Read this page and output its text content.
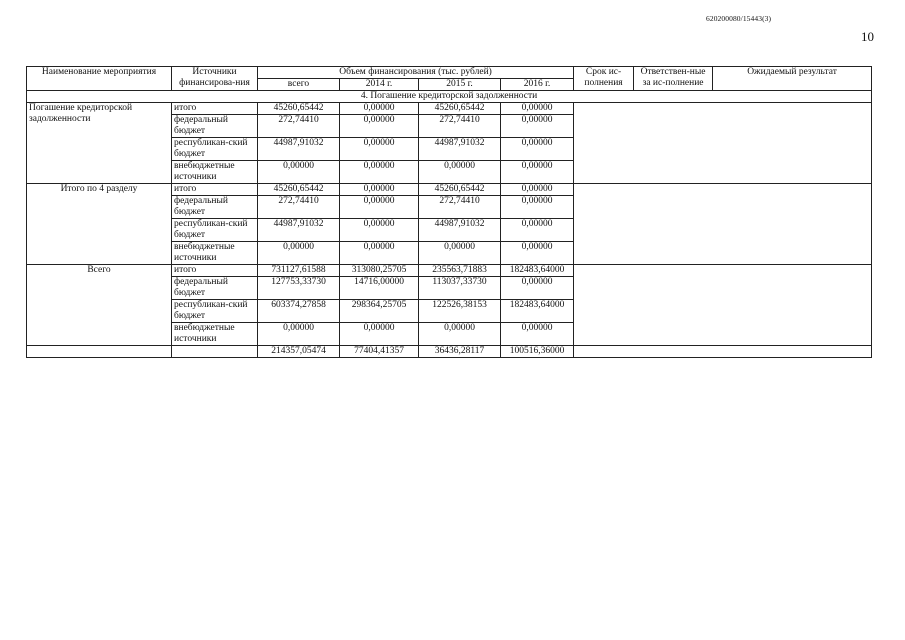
620200080/15443(3)
10
Наименование мероприятия	Источники финансирова-ния	Объем финансирования (тыс. рублей)				Срок ис-полнения	Ответствен-ные за ис-полнение	Ожидаемый результат
		всего	2014 г.	2015 г.	2016 г.			
4. Погашение кредиторской задолженности								
Погашение кредиторской задолженности	итого	45260,65442	0,00000	45260,65442	0,00000			
	федеральный бюджет	272,74410	0,00000	272,74410	0,00000			
	республикан-ский бюджет	44987,91032	0,00000	44987,91032	0,00000			
	внебюджетные источники	0,00000	0,00000	0,00000	0,00000			
Итого по 4 разделу	итого	45260,65442	0,00000	45260,65442	0,00000			
	федеральный бюджет	272,74410	0,00000	272,74410	0,00000			
	республикан-ский бюджет	44987,91032	0,00000	44987,91032	0,00000			
	внебюджетные источники	0,00000	0,00000	0,00000	0,00000			
Всего	итого	731127,61588	313080,25705	235563,71883	182483,64000			
	федеральный бюджет	127753,33730	14716,00000	113037,33730	0,00000			
	республикан-ский бюджет	603374,27858	298364,25705	122526,38153	182483,64000			
	внебюджетные источники	0,00000	0,00000	0,00000	0,00000			
		214357,05474	77404,41357	36436,28117	100516,36000			
